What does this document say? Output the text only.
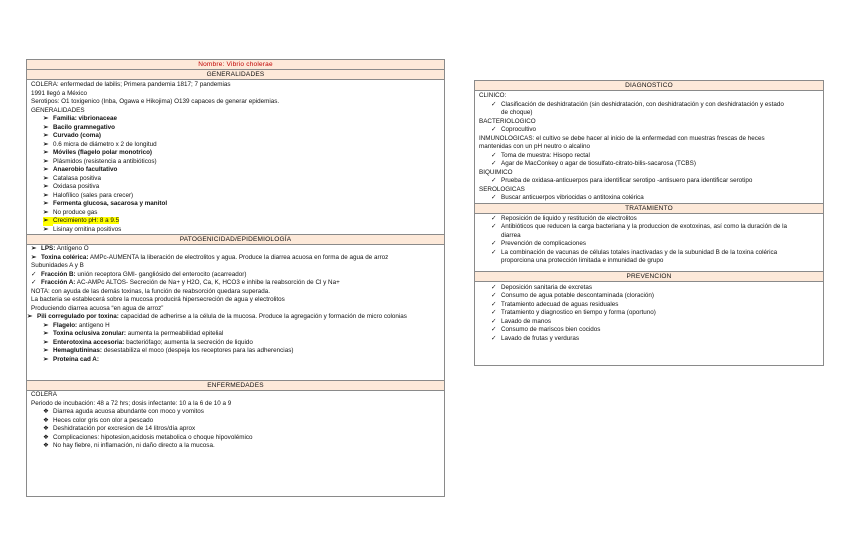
Nombre: Vibrio cholerae
GENERALIDADES
COLERA: enfermedad de labilis; Primera pandemia 1817; 7 pandemias
1991 llegó a México
Serotipos: O1 toxigenico (Inba, Ogawa e Hikojima) O139 capaces de generar epidemias.
GENERALIDADES
➢ Familia: vibrionaceae
➢ Bacilo gramnegativo
➢ Curvado (coma)
➢ 0.6 micra de diámetro x 2 de longitud
➢ Móviles (flagelo polar monotrico)
➢ Plásmidos (resistencia a antibióticos)
➢ Anaerobio facultativo
➢ Catalasa positiva
➢ Oxidasa positiva
➢ Halofílico (sales para crecer)
➢ Fermenta glucosa, sacarosa y manitol
➢ No produce gas
➢ Crecimiento pH: 8 a 9.5
➢ Lisinay ornitina positivos
PATOGENICIDAD/EPIDEMIOLOGÍA
➢ LPS: Antígeno O
➢ Toxina colérica: AMPc-AUMENTA la liberación de electrolitos y agua. Produce la diarrea acuosa en forma de agua de arroz
Subunidades A y B
✓ Fracción B: unión receptora GMI- gangliósido del enterocito (acarreador)
✓ Fracción A: AC-AMPc ALTOS- Secreción de Na+ y H2O, Ca, K, HCO3 e inhibe la reabsorción de Cl y Na+
NOTA: con ayuda de las demás toxinas, la función de reabsorción quedara superada.
La bacteria se establecerá sobre la mucosa producirá hipersecreción de agua y electrolitos
Produciendo diarrea acuosa “en agua de arroz”
➢ Pili corregulado por toxina: capacidad de adherirse a la célula de la mucosa. Produce la agregación y formación de micro colonias
➢ Flagelo: antígeno H
➢ Toxina oclusiva zonular: aumenta la permeabilidad epitelial
➢ Enterotoxina accesoria: bacteriófago; aumenta la secreción de liquido
➢ Hemaglutininas: desestabiliza el moco (despeja los receptores para las adherencias)
➢ Proteína cad A:
ENFERMEDADES
COLERA
Periodo de incubación: 48 a 72 hrs; dosis infectante: 10 a la 6 de 10 a 9
❖ Diarrea aguda acuosa abundante con moco y vomitos
❖ Heces color gris con olor a pescado
❖ Deshidratación por excresion de 14 litros/día aprox
❖ Complicaciones: hipotesion,acidosis metabolica o choque hipovolémico
❖ No hay fiebre, ni inflamación, ni daño directo a la mucosa.
DIAGNOSTICO
CLINICO:
✓ Clasificación de deshidratación (sin deshidratación, con deshidratación y con deshidratación y estado
de choque)
BACTERIOLOGICO
✓ Coprocultivo
INMUNOLOGICAS: el cultivo se debe hacer al inicio de la enfermedad con muestras frescas de heces
mantenidas con un pH neutro o alcalino
✓ Toma de muestra: Hisopo rectal
✓ Agar de MacConkey o agar de tiosulfato-citrato-bilis-sacarosa (TCBS)
BIQUIMICO
✓ Prueba de oxidasa-anticuerpos para identificar serotipo -antisuero para identificar serotipo
SEROLOGICAS
✓ Buscar anticuerpos vibriocidas o antitoxina colérica
TRATAMIENTO
✓ Reposición de liquido y restitución de electrolitos
✓ Antibióticos que reducen la carga bacteriana y la produccion de exotoxinas, así como la duración de la
diarrea
✓ Prevención de complicaciones
✓ La combinación de vacunas de células totales inactivadas y de la subunidad B de la toxina colérica
proporciona una protección limitada e inmunidad de grupo
PREVENCION
✓ Deposición sanitaria de excretas
✓ Consumo de agua potable descontaminada (cloración)
✓ Tratamiento adecuad de aguas residuales
✓ Tratamiento y diagnostico en tiempo y forma (oportuno)
✓ Lavado de manos
✓ Consumo de mariscos bien cocidos
✓ Lavado de frutas y verduras
